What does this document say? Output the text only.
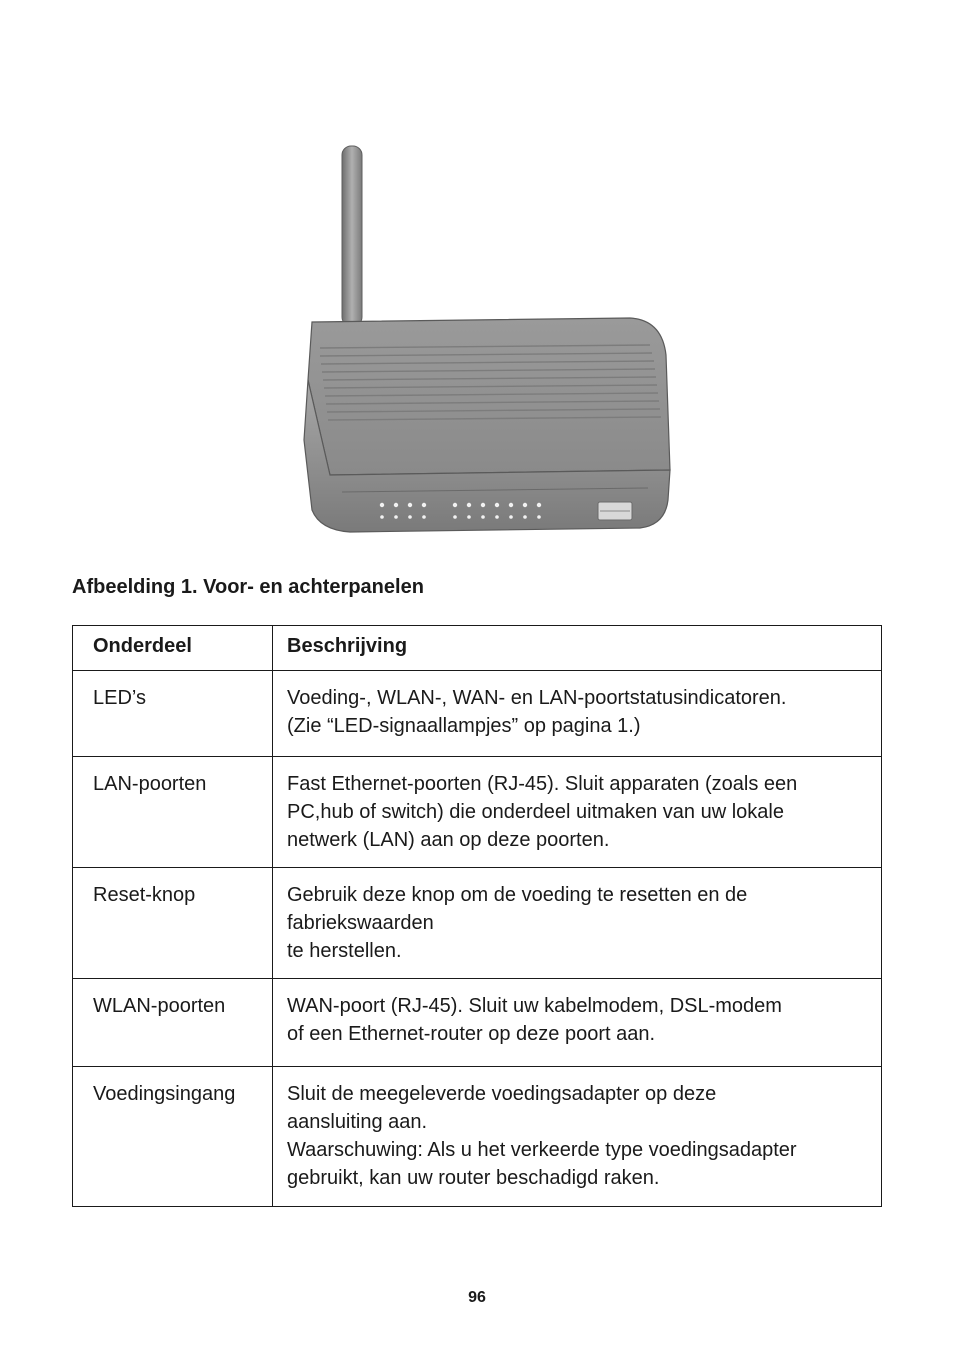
Afbeelding 1. Voor- en achterpanelen

Onderdeel	Beschrijving
LED’s	Voeding-, WLAN-, WAN- en LAN-poortstatusindicatoren.
(Zie “LED-signaallampjes” op pagina 1.)

LAN-poorten	Fast Ethernet-poorten (RJ-45). Sluit apparaten (zoals een
PC,hub of switch) die onderdeel uitmaken van uw lokale
netwerk (LAN) aan op deze poorten.

Reset-knop	Gebruik deze knop om de voeding te resetten en de
fabriekswaarden
te herstellen.

WLAN-poorten	WAN-poort (RJ-45). Sluit uw kabelmodem, DSL-modem
of een Ethernet-router op deze poort aan.

Voedingsingang	Sluit de meegeleverde voedingsadapter op deze
aansluiting aan.
Waarschuwing: Als u het verkeerde type voedingsadapter
gebruikt, kan uw router beschadigd raken.

96
